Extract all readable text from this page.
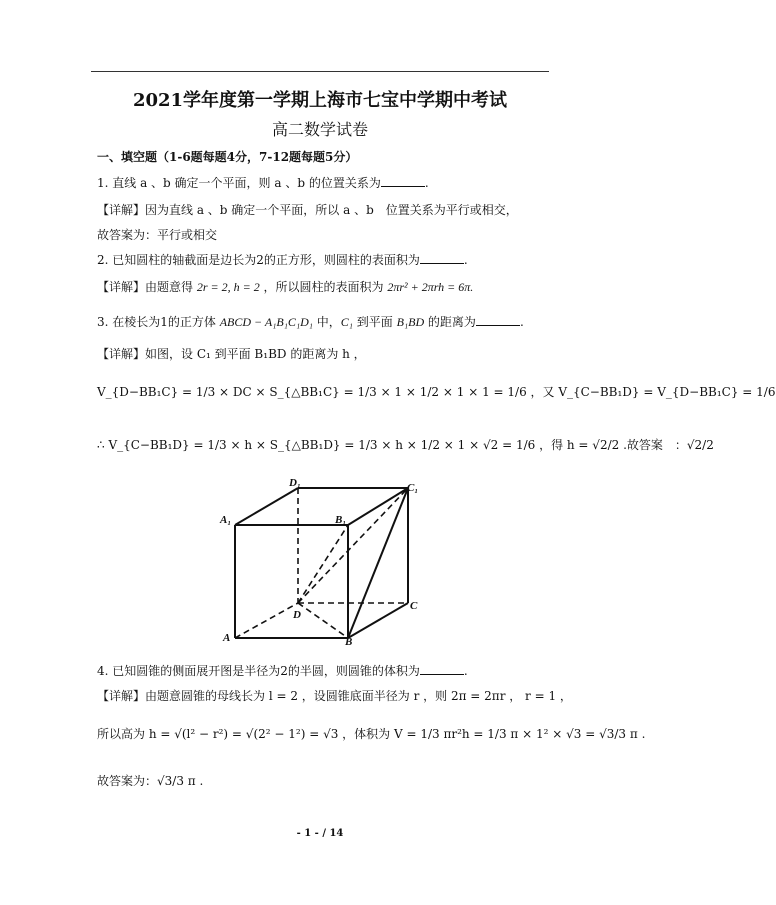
2021学年度第一学期上海市七宝中学期中考试
高二数学试卷
一、填空题（1-6题每题4分，7-12题每题5分）
1. 直线 a 、b 确定一个平面，则 a 、b 的位置关系为	.
【详解】因为直线 a 、b 确定一个平面，所以 a 、b　位置关系为平行或相交，
故答案为：平行或相交
2. 已知圆柱的轴截面是边长为2的正方形，则圆柱的表面积为	.
【详解】由题意得 2r = 2, h = 2 ，所以圆柱的表面积为 2πr² + 2πrh = 6π.
3. 在棱长为1的正方体 ABCD − A₁B₁C₁D₁ 中，C₁ 到平面 B₁BD 的距离为	.
【详解】如图，设 C₁ 到平面 B₁BD 的距离为 h ，
V_{D−BB₁C} = 1/3 × DC × S_{△BB₁C} = 1/3 × 1 × 1/2 × 1 × 1 = 1/6 ，又 V_{C−BB₁D} = V_{D−BB₁C} = 1/6
∴ V_{C−BB₁D} = 1/3 × h × S_{△BB₁D} = 1/3 × h × 1/2 × 1 × √2 = 1/6 ，得 h = √2/2 .故答案　：√2/2
D₁	C₁
A₁	B₁
D
C
A	B
4. 已知圆锥的侧面展开图是半径为2的半圆，则圆锥的体积为	.
【详解】由题意圆锥的母线长为 l = 2 ，设圆锥底面半径为 r ，则 2π = 2πr ， r = 1 ，
所以高为 h = √(l² − r²) = √(2² − 1²) = √3 ，体积为 V = 1/3 πr²h = 1/3 π × 1² × √3 = √3/3 π .
故答案为：√3/3 π .
- 1 - / 14
